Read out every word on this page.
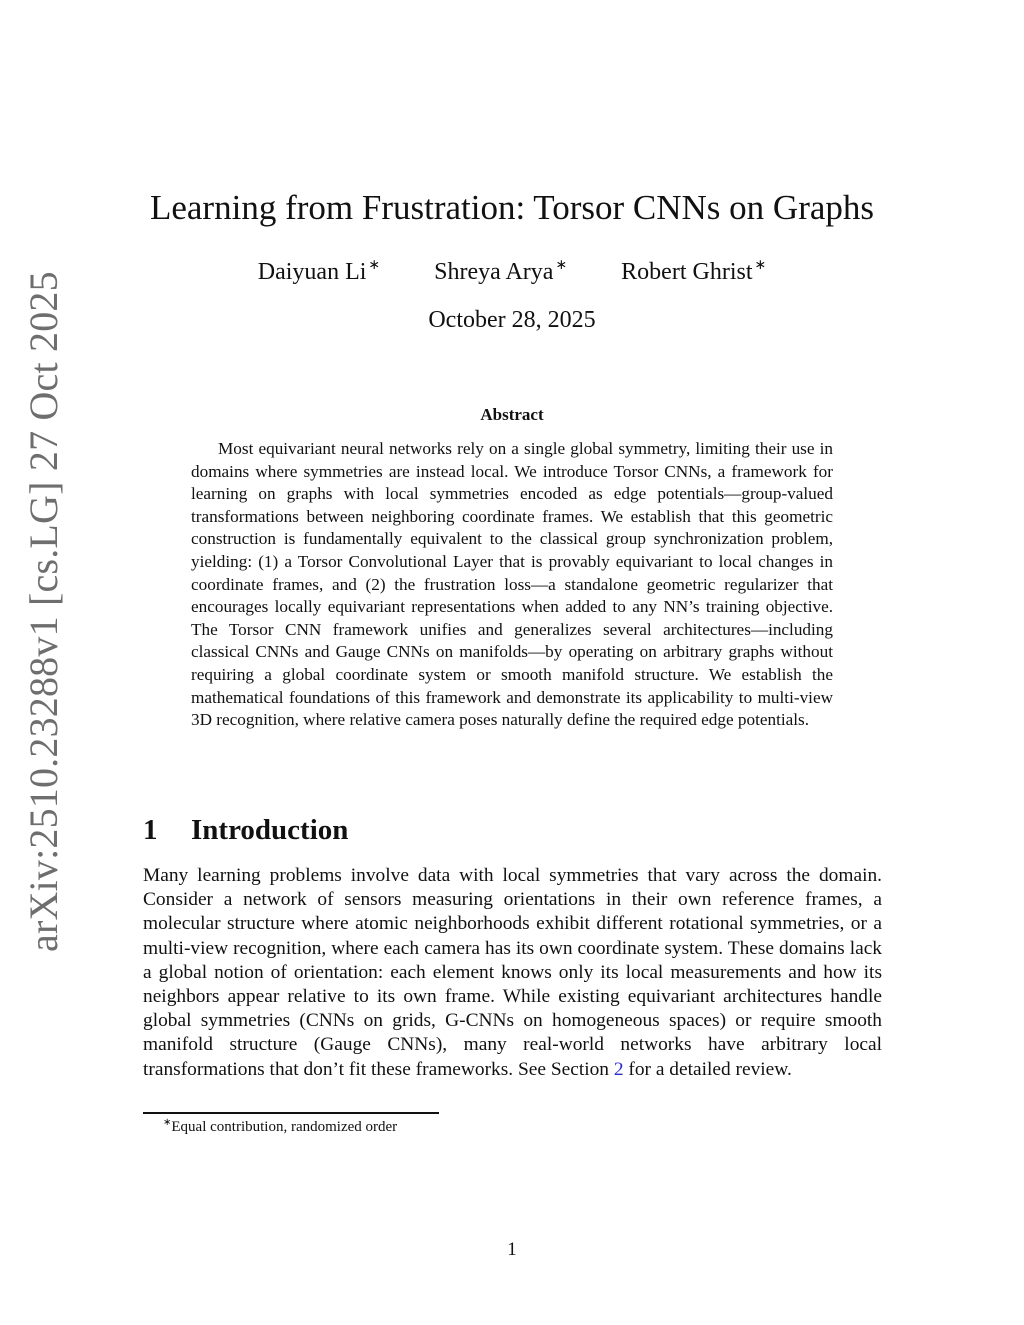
arXiv:2510.23288v1 [cs.LG] 27 Oct 2025
Learning from Frustration: Torsor CNNs on Graphs
Daiyuan Li ∗ Shreya Arya ∗ Robert Ghrist ∗
October 28, 2025
Abstract

Most equivariant neural networks rely on a single global symmetry, limiting their use in domains where symmetries are instead local. We introduce Torsor CNNs, a framework for learning on graphs with local symmetries encoded as edge potentials—group-valued transformations between neighboring coordinate frames. We establish that this geometric construction is fundamentally equivalent to the classical group synchronization problem, yielding: (1) a Torsor Convolutional Layer that is provably equivariant to local changes in coordinate frames, and (2) the frustration loss—a standalone geometric regularizer that encourages locally equivariant representations when added to any NN’s training objective. The Torsor CNN framework unifies and generalizes several architectures—including classical CNNs and Gauge CNNs on manifolds—by operating on arbitrary graphs without requiring a global coordinate system or smooth manifold structure. We establish the mathematical foundations of this framework and demonstrate its applicability to multi-view 3D recognition, where relative camera poses naturally define the required edge potentials.

1 Introduction

Many learning problems involve data with local symmetries that vary across the domain. Consider a network of sensors measuring orientations in their own reference frames, a molecular structure where atomic neighborhoods exhibit different rotational symmetries, or a multi-view recognition, where each camera has its own coordinate system. These domains lack a global notion of orientation: each element knows only its local measurements and how its neighbors appear relative to its own frame. While existing equivariant architectures handle global symmetries (CNNs on grids, G-CNNs on homogeneous spaces) or require smooth manifold structure (Gauge CNNs), many real-world networks have arbitrary local transformations that don’t fit these frameworks. See Section 2 for a detailed review.

∗Equal contribution, randomized order
1
